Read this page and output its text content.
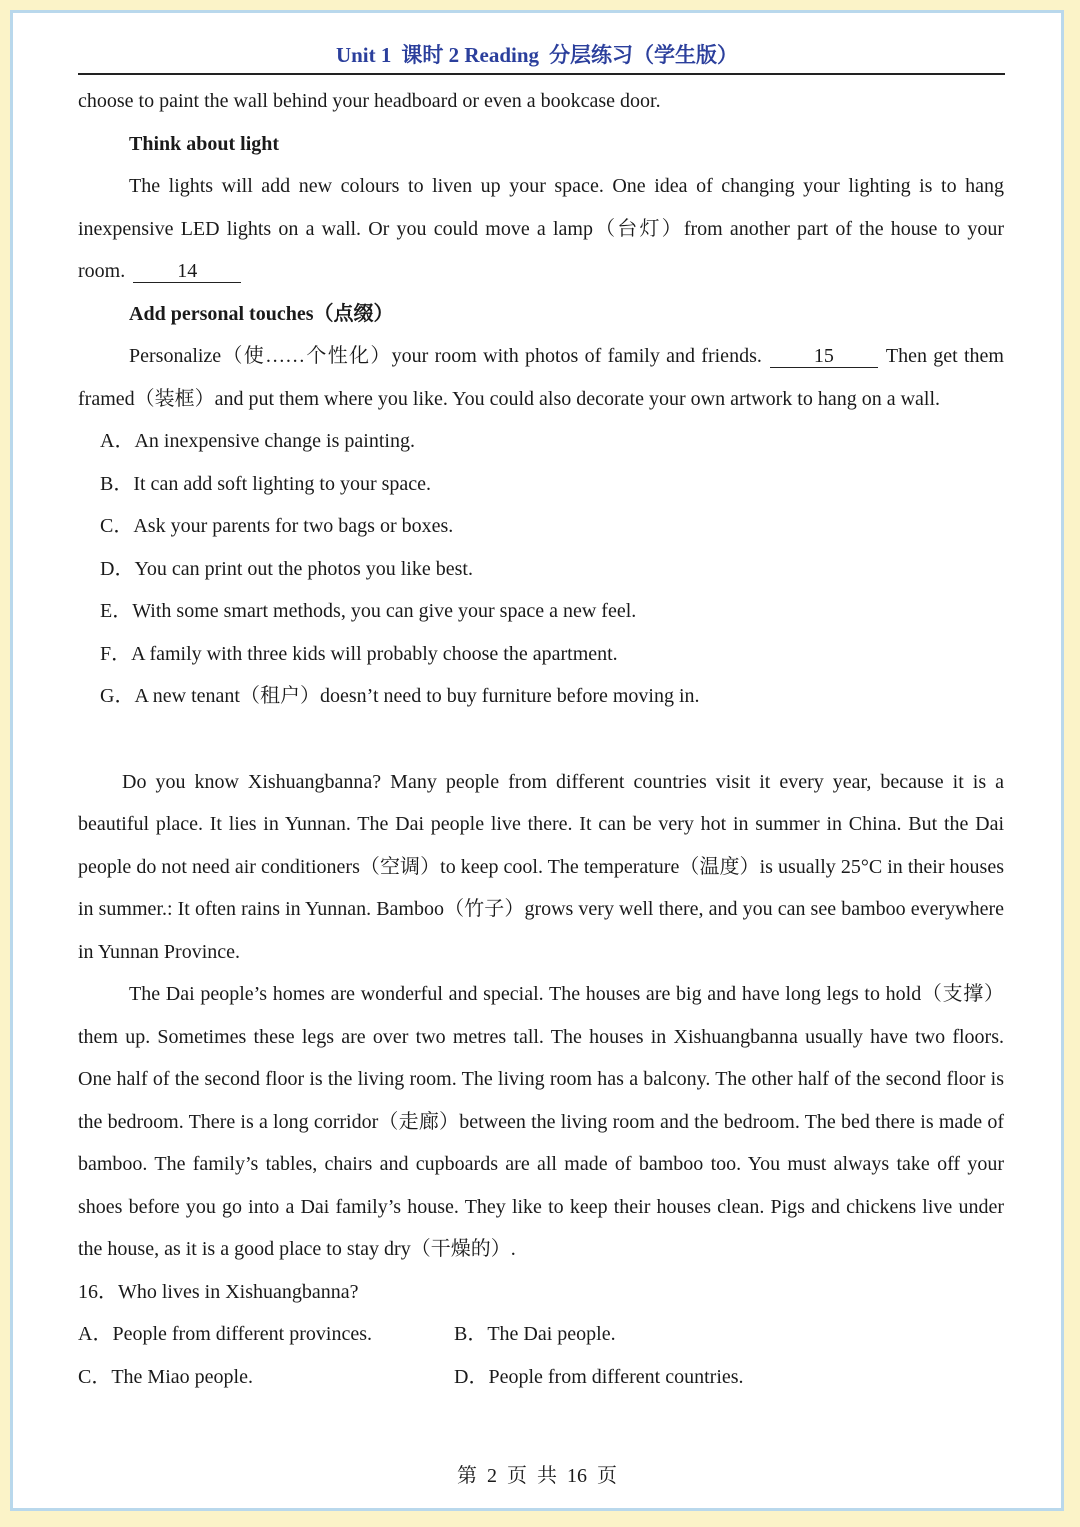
Unit 1 课时 2 Reading 分层练习（学生版）

choose to paint the wall behind your headboard or even a bookcase door.

Think about light

The lights will add new colours to liven up your space. One idea of changing your lighting is to hang inexpensive LED lights on a wall. Or you could move a lamp（台灯）from another part of the house to your room.	14

Add personal touches（点缀）

Personalize（使……个性化）your room with photos of family and friends.	15	Then get them framed（装框）and put them where you like. You could also decorate your own artwork to hang on a wall.

A．An inexpensive change is painting.

B．It can add soft lighting to your space.

C．Ask your parents for two bags or boxes.

D．You can print out the photos you like best.

E．With some smart methods, you can give your space a new feel.

F．A family with three kids will probably choose the apartment.

G．A new tenant（租户）doesn’t need to buy furniture before moving in.

Do you know Xishuangbanna? Many people from different countries visit it every year, because it is a beautiful place. It lies in Yunnan. The Dai people live there. It can be very hot in summer in China. But the Dai people do not need air conditioners（空调）to keep cool. The temperature（温度）is usually 25°C in their houses in summer.: It often rains in Yunnan. Bamboo（竹子）grows very well there, and you can see bamboo everywhere in Yunnan Province.

The Dai people’s homes are wonderful and special. The houses are big and have long legs to hold（支撑）them up. Sometimes these legs are over two metres tall. The houses in Xishuangbanna usually have two floors. One half of the second floor is the living room. The living room has a balcony. The other half of the second floor is the bedroom. There is a long corridor（走廊）between the living room and the bedroom. The bed there is made of bamboo. The family’s tables, chairs and cupboards are all made of bamboo too. You must always take off your shoes before you go into a Dai family’s house. They like to keep their houses clean. Pigs and chickens live under the house, as it is a good place to stay dry（干燥的）.

16．Who lives in Xishuangbanna?

A．People from different provinces.	B．The Dai people.
C．The Miao people.	D．People from different countries.
第 2 页 共 16 页
